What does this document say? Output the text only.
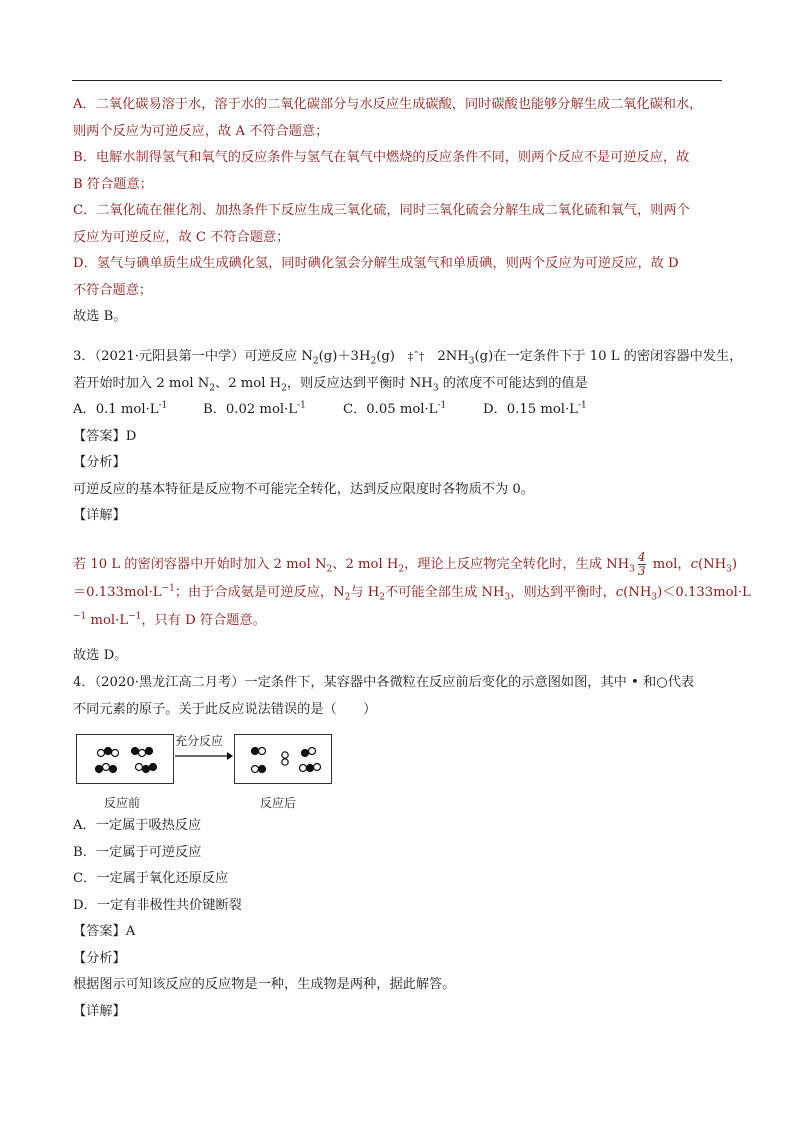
A．二氧化碳易溶于水，溶于水的二氧化碳部分与水反应生成碳酸，同时碳酸也能够分解生成二氧化碳和水，
则两个反应为可逆反应，故 A 不符合题意；
B．电解水制得氢气和氧气的反应条件与氢气在氧气中燃烧的反应条件不同，则两个反应不是可逆反应，故
B 符合题意；
C．二氧化硫在催化剂、加热条件下反应生成三氧化硫，同时三氧化硫会分解生成二氧化硫和氧气，则两个
反应为可逆反应，故 C 不符合题意；
D．氢气与碘单质生成生成碘化氢，同时碘化氢会分解生成氢气和单质碘，则两个反应为可逆反应，故 D
不符合题意；
故选 B。
3．（2021·元阳县第一中学）可逆反应 $N_2(g)+3H_2(g)$ ‡ˆ† $2NH_3(g)$在一定条件下于 10 L 的密闭容器中发生，
若开始时加入 2 mol $N_2$、2 mol $H_2$，则反应达到平衡时 $NH_3$ 的浓度不可能达到的值是
A．0.1 $mol\cdot L^{-1}$	B．0.02 $mol\cdot L^{-1}$	C．0.05 $mol\cdot L^{-1}$	D．0.15 $mol\cdot L^{-1}$
【答案】D
【分析】
可逆反应的基本特征是反应物不可能完全转化，达到反应限度时各物质不为 0。
【详解】
若 10 L 的密闭容器中开始时加入 2 mol $N_2$、2 mol $H_2$，理论上反应物完全转化时，生成 $NH_3 \frac{4}{3}$ mol，$c(NH_3)$
$=0.133mol\cdot L^{-1}$；由于合成氨是可逆反应，$N_2$与 $H_2$不可能全部生成 $NH_3$，则达到平衡时，$c(NH_3)<0.133mol\cdot L$
$^{-1}$ $mol\cdot L^{-1}$，只有 D 符合题意。
故选 D。
4．（2020·黑龙江高二月考）一定条件下，某容器中各微粒在反应前后变化的示意图如图，其中 • 和○代表
不同元素的原子。关于此反应说法错误的是（　　）
充分反应
反应前	反应后
A．一定属于吸热反应
B．一定属于可逆反应
C．一定属于氧化还原反应
D．一定有非极性共价键断裂
【答案】A
【分析】
根据图示可知该反应的反应物是一种，生成物是两种，据此解答。
【详解】
